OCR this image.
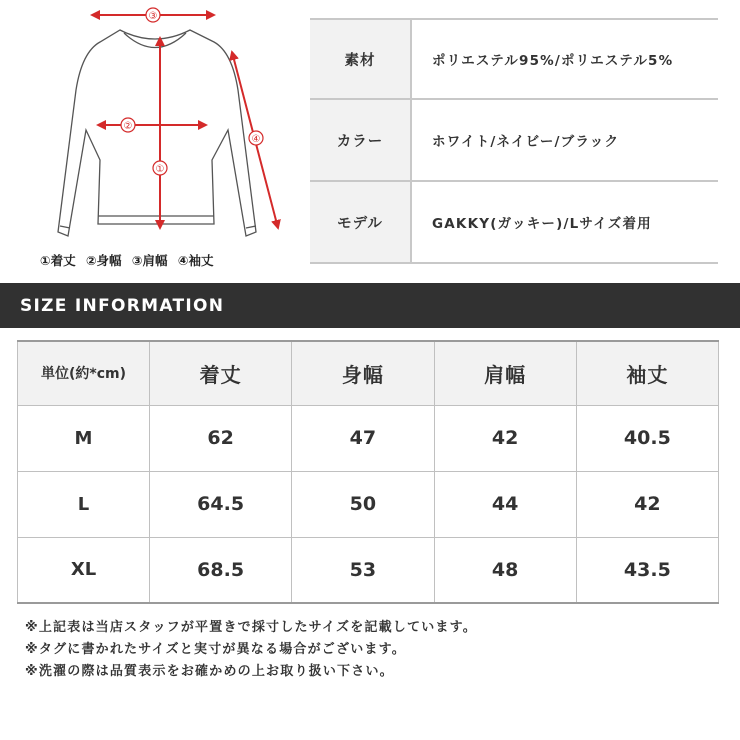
③
②
①
④
①着丈 ②身幅 ③肩幅 ④袖丈
素材	ポリエステル95%/ポリエステル5%
カラー	ホワイト/ネイビー/ブラック
モデル	GAKKY(ガッキー)/Lサイズ着用
SIZE INFORMATION
単位(約*cm)	着丈	身幅	肩幅	袖丈
M	62	47	42	40.5
L	64.5	50	44	42
XL	68.5	53	48	43.5
※上記表は当店スタッフが平置きで採寸したサイズを記載しています。
※タグに書かれたサイズと実寸が異なる場合がございます。
※洗濯の際は品質表示をお確かめの上お取り扱い下さい。
